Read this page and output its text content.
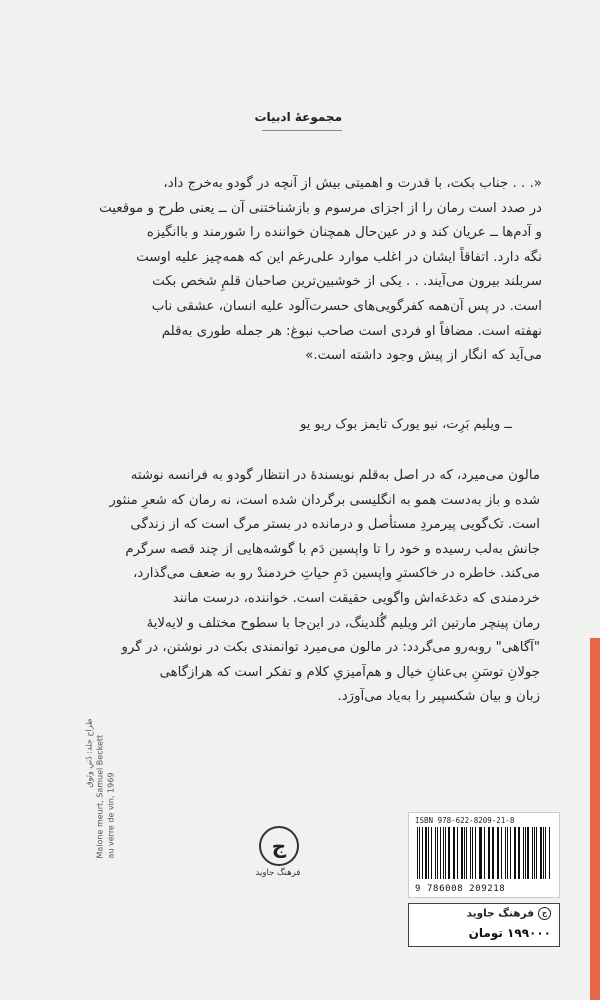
مجموعهٔ ادبیات
«. . . جناب بکت، با قدرت و اهمیتی بیش از آنچه در گودو به‌خرج داد،
در صدد است رمان را از اجزای مرسوم و بازشناختنی آن ــ یعنی طرح و موقعیت
و آدم‌ها ــ عریان کند و در عین‌حال همچنان خواننده را شورمند و باانگیزه
نگه دارد. اتفاقاً ایشان در اغلب موارد علی‌رغم این که همه‌چیز علیه اوست
سربلند بیرون می‌آیند. . . یکی از خوشبین‌ترین صاحبان قلمِ شخص بکت
است. در پس آن‌همه کفرگویی‌های حسرت‌آلود علیه انسان، عشقی ناب
نهفته است. مضافاً او فردی است صاحب نبوغ: هر جمله طوری به‌قلم
می‌آید که انگار از پیش وجود داشته است.»
ــ ویلیم بَرِت، نیو یورک تایمز بوک ریو یو
مالون می‌میرد، که در اصل به‌قلم نویسندهٔ در انتظار گودو به فرانسه نوشته
شده و باز به‌دست همو به انگلیسی برگردان شده است، نه رمان که شعرِ منثور
است. تک‌گویی پیرمردِ مستأصل و درمانده در بستر مرگ است که از زندگی
جانش به‌لب رسیده و خود را تا واپسین دَم با گوشه‌هایی از چند قصه سرگرم
می‌کند. خاطره در خاکسترِ واپسین دَمِ حیاتِ خردمندْ رو به ضعف می‌گذارد،
خردمندی که دغدغه‌اش واگویی حقیقت است. خواننده، درست مانند
رمان پینچر مارتین اثر ویلیم گُلدینگ، در این‌جا با سطوح مختلف و لایه‌لایهٔ
"آگاهی" روبه‌رو می‌گردد: در مالون می‌میرد توانمندی بکت در نوشتن، در گرو
جولانِ توسَنِ بی‌عنانِ خیال و هم‌آمیزیِ کلام و تفکر است که هرازگاهی
زبان و بیان شکسپیر را به‌یاد می‌آورَد.
طراح جلد: دُنیِ وثوق Malone meurt, Samuel Beckett au verre de vin, 1969	ج
فرهنگ جاوید
ISBN 978-622-8209-21-8
9 786008 209218
جفرهنگ جاوید
۱۹۹۰۰۰ تومان
